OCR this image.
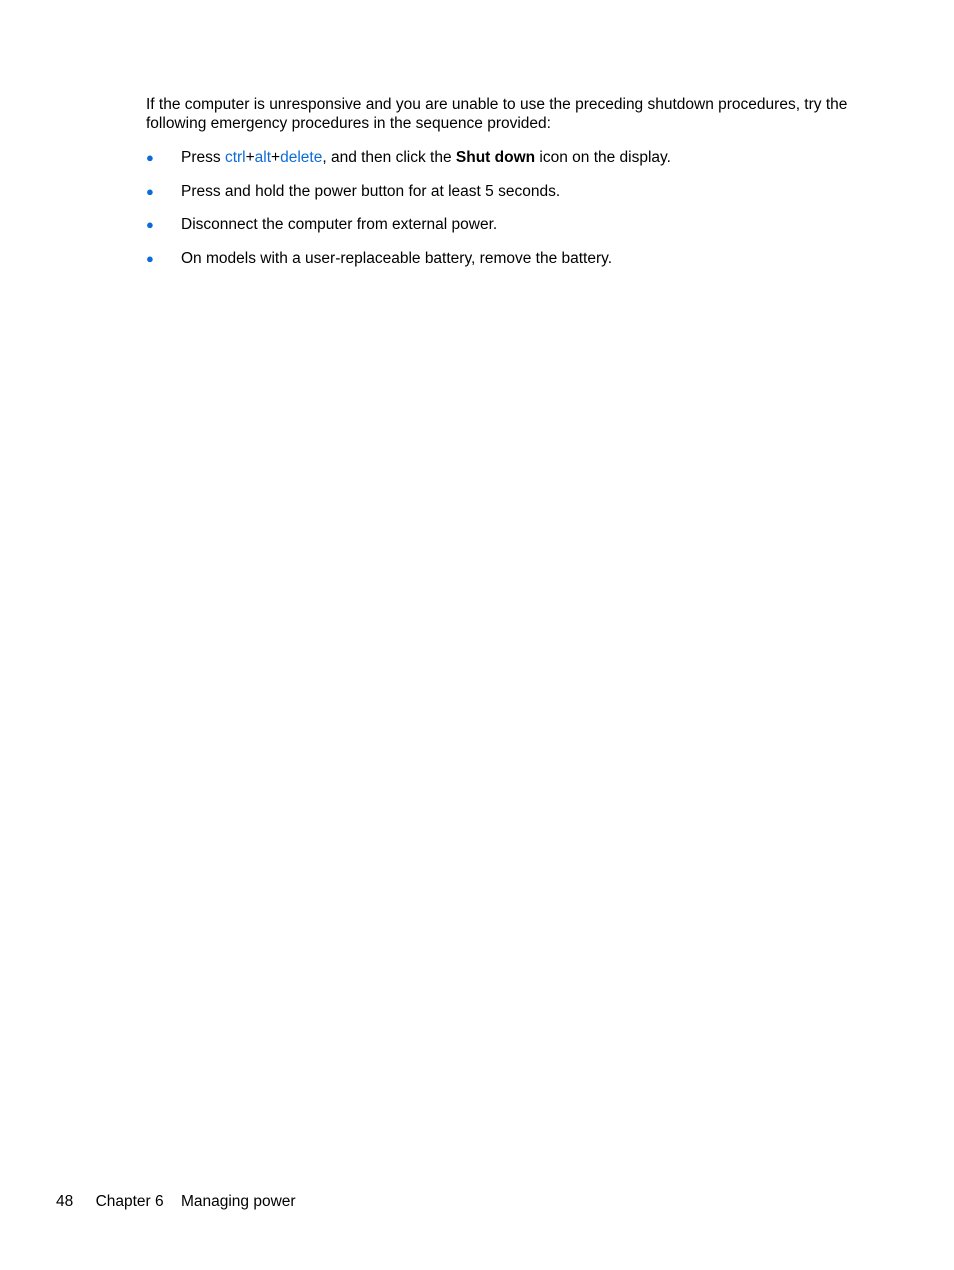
If the computer is unresponsive and you are unable to use the preceding shutdown procedures, try the following emergency procedures in the sequence provided:

● Press ctrl+alt+delete, and then click the Shut down icon on the display.
● Press and hold the power button for at least 5 seconds.
● Disconnect the computer from external power.
● On models with a user-replaceable battery, remove the battery.
48 Chapter 6 Managing power
